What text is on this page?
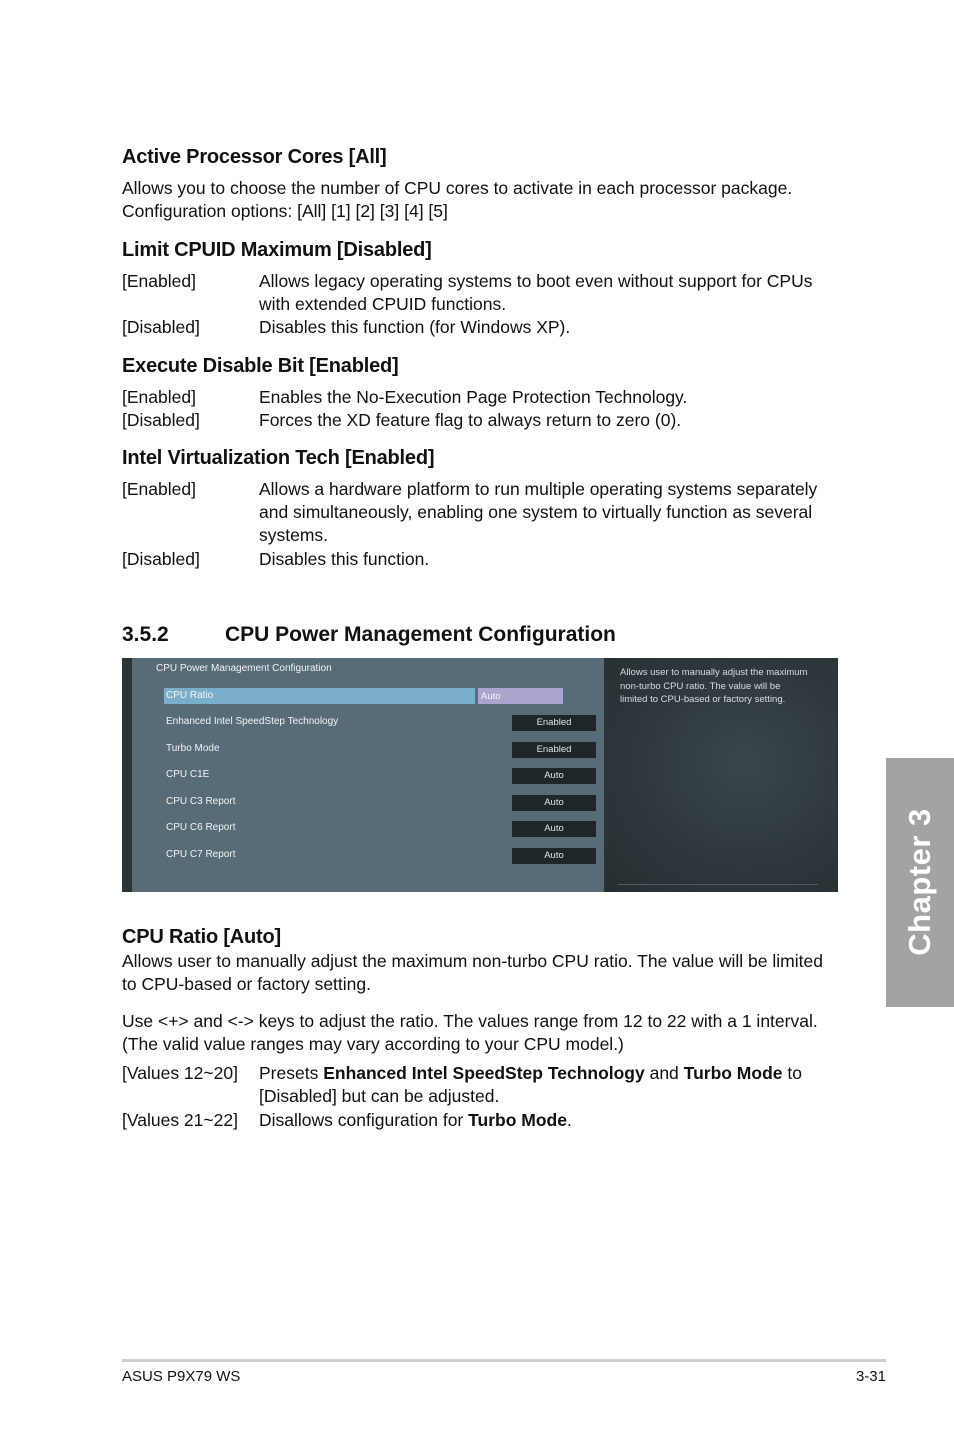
Active Processor Cores [All]
Allows you to choose the number of CPU cores to activate in each processor package.
Configuration options: [All] [1] [2] [3] [4] [5]
Limit CPUID Maximum [Disabled]
[Enabled]	Allows legacy operating systems to boot even without support for CPUs with extended CPUID functions.
[Disabled]	Disables this function (for Windows XP).
Execute Disable Bit [Enabled]
[Enabled]	Enables the No-Execution Page Protection Technology.
[Disabled]	Forces the XD feature flag to always return to zero (0).
Intel Virtualization Tech [Enabled]
[Enabled]	Allows a hardware platform to run multiple operating systems separately and simultaneously, enabling one system to virtually function as several systems.
[Disabled]	Disables this function.
3.5.2	CPU Power Management Configuration
CPU Power Management Configuration
CPU Ratio	Auto
Enhanced Intel SpeedStep Technology	Enabled
Turbo Mode	Enabled
CPU C1E	Auto
CPU C3 Report	Auto
CPU C6 Report	Auto
CPU C7 Report	Auto
Allows user to manually adjust the maximum non-turbo CPU ratio. The value will be limited to CPU-based or factory setting.
CPU Ratio [Auto]
Allows user to manually adjust the maximum non-turbo CPU ratio. The value will be limited to CPU-based or factory setting.
Use <+> and <-> keys to adjust the ratio. The values range from 12 to 22 with a 1 interval. (The valid value ranges may vary according to your CPU model.)
[Values 12~20] Presets Enhanced Intel SpeedStep Technology and Turbo Mode to [Disabled] but can be adjusted.
[Values 21~22] Disallows configuration for Turbo Mode.
Chapter 3
ASUS P9X79 WS	3-31
